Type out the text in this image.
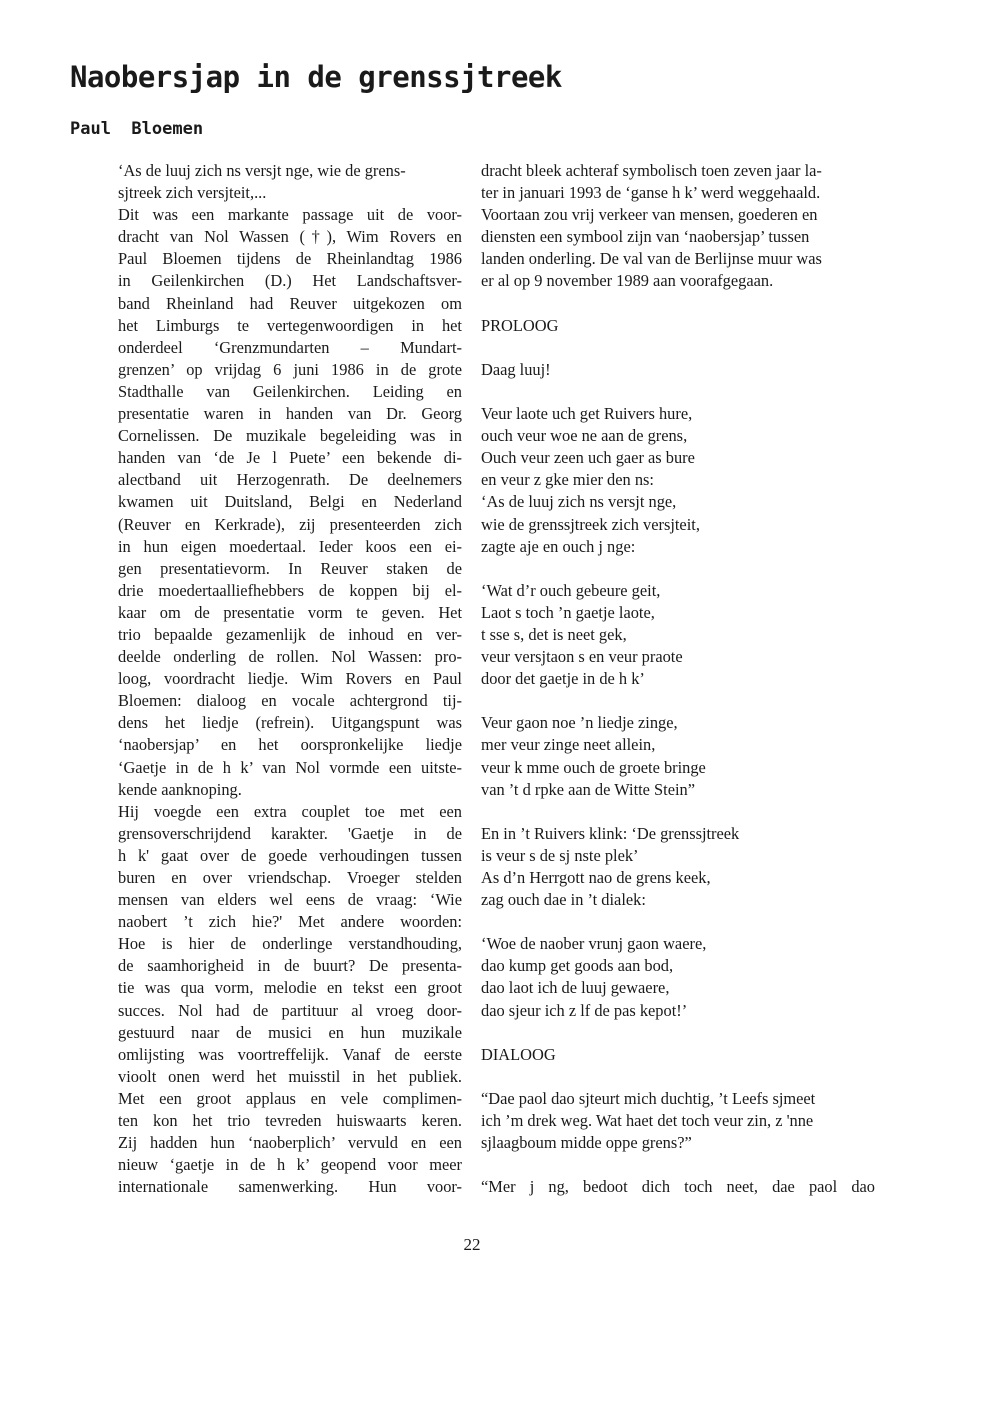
Naobersjap in de grenssjtreek
Paul  Bloemen
‘As de luuj zich ns versjt nge, wie de grens-
sjtreek zich versjteit,...
Dit was een markante passage uit de voor-
dracht van Nol Wassen (†), Wim Rovers en
Paul Bloemen tijdens de Rheinlandtag 1986
in Geilenkirchen (D.) Het Landschaftsver-
band Rheinland had Reuver uitgekozen om
het Limburgs te vertegenwoordigen in het
onderdeel ‘Grenzmundarten – Mundart-
grenzen’ op vrijdag 6 juni 1986 in de grote
Stadthalle van Geilenkirchen. Leiding en
presentatie waren in handen van Dr. Georg
Cornelissen. De muzikale begeleiding was in
handen van ‘de Je l Puete’ een bekende di-
alectband uit Herzogenrath. De deelnemers
kwamen uit Duitsland, Belgi en Nederland
(Reuver en Kerkrade), zij presenteerden zich
in hun eigen moedertaal. Ieder koos een ei-
gen presentatievorm. In Reuver staken de
drie moedertaalliefhebbers de koppen bij el-
kaar om de presentatie vorm te geven. Het
trio bepaalde gezamenlijk de inhoud en ver-
deelde onderling de rollen. Nol Wassen: pro-
loog, voordracht liedje. Wim Rovers en Paul
Bloemen: dialoog en vocale achtergrond tij-
dens het liedje (refrein). Uitgangspunt was
‘naobersjap’ en het oorspronkelijke liedje
‘Gaetje in de h k’ van Nol vormde een uitste-
kende aanknoping.
Hij voegde een extra couplet toe met een
grensoverschrijdend karakter. 'Gaetje in de
h k' gaat over de goede verhoudingen tussen
buren en over vriendschap. Vroeger stelden
mensen van elders wel eens de vraag: ‘Wie
naobert ’t zich hie?' Met andere woorden:
Hoe is hier de onderlinge verstandhouding,
de saamhorigheid in de buurt? De presenta-
tie was qua vorm, melodie en tekst een groot
succes. Nol had de partituur al vroeg door-
gestuurd naar de musici en hun muzikale
omlijsting was voortreffelijk. Vanaf de eerste
vioolt onen werd het muisstil in het publiek.
Met een groot applaus en vele complimen-
ten kon het trio tevreden huiswaarts keren.
Zij hadden hun ‘naoberplich’ vervuld en een
nieuw ‘gaetje in de h k’ geopend voor meer
internationale samenwerking. Hun voor-
dracht bleek achteraf symbolisch toen zeven jaar la-
ter in januari 1993 de ‘ganse h k’ werd weggehaald.
Voortaan zou vrij verkeer van mensen, goederen en
diensten een symbool zijn van ‘naobersjap’ tussen
landen onderling. De val van de Berlijnse muur was
er al op 9 november 1989 aan voorafgegaan.
PROLOOG
Daag luuj!
Veur laote uch get Ruivers hure,
ouch veur woe ne aan de grens,
Ouch veur zeen uch gaer as bure
en veur z gke mier den ns:
‘As de luuj zich ns versjt nge,
wie de grenssjtreek zich versjteit,
zagte aje en ouch j nge:
‘Wat d’r ouch gebeure geit,
Laot s toch ’n gaetje laote,
t sse s, det is neet gek,
veur versjtaon s en veur praote
door det gaetje in de h k’
Veur gaon noe ’n liedje zinge,
mer veur zinge neet allein,
veur k mme ouch de groete bringe
van ’t d rpke aan de Witte Stein”
En in ’t Ruivers klink: ‘De grenssjtreek
is veur s de sj nste plek’
As d’n Herrgott nao de grens keek,
zag ouch dae in ’t dialek:
‘Woe de naober vrunj gaon waere,
dao kump get goods aan bod,
dao laot ich de luuj gewaere,
dao sjeur ich z lf de pas kepot!’
DIALOOG
“Dae paol dao sjteurt mich duchtig, ’t Leefs sjmeet
ich ’m drek weg. Wat haet det toch veur zin, z 'nne
sjlaagboum midde oppe grens?”
“Mer j ng, bedoot dich toch neet, dae paol dao
22
